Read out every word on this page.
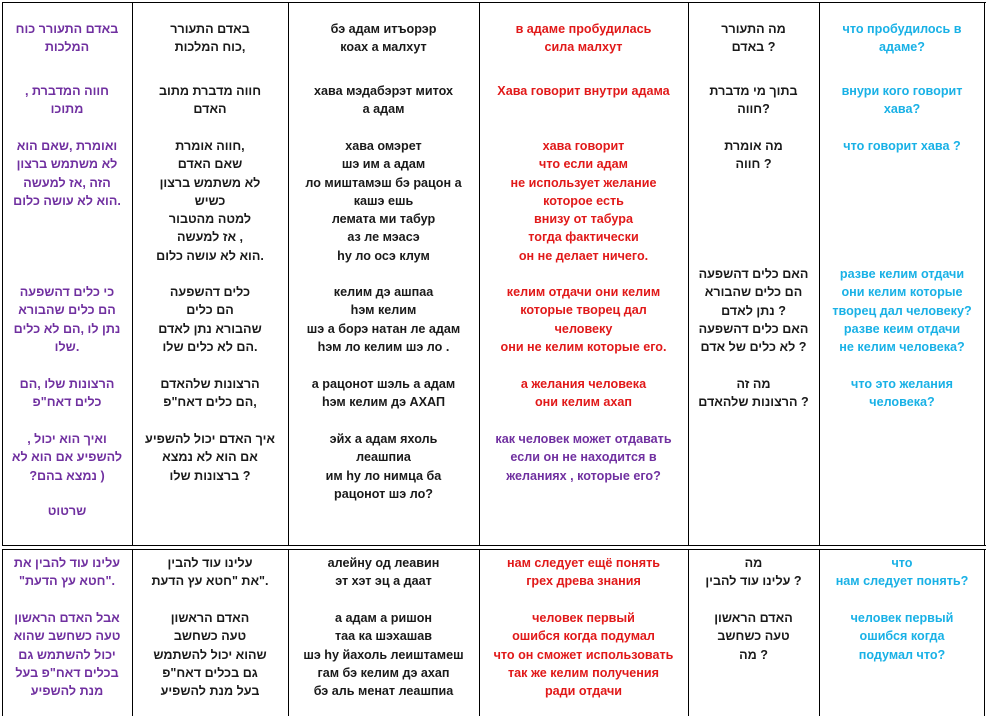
באדם התעורר כוח
המלכות

חווה המדברת ,
מתוכו

ואומרת ,שאם הוא
לא משתמש ברצון
הזה ,אז למעשה
.הוא לא עושה כלום

כי כלים דהשפעה
הם כלים שהבורא
נתן לו ,הם לא כלים
.שלו

הרצונות שלו ,הם
כלים דאח"פ

ואיך הוא יכול ,
להשפיע אם הוא לא
( נמצא בהם?

שרטוט

באדם התעורר
,כוח המלכות

חווה מדברת מתוב
האדם

,חווה אומרת
שאם האדם
לא משתמש ברצון
כשיש
למטה מהטבור
, אז למעשה
.הוא לא עושה כלום

כלים דהשפעה
הם כלים
שהבורא נתן לאדם
.הם לא כלים שלו

הרצונות שלהאדם
,הם כלים דאח"פ

איך האדם יכול להשפיע
אם הוא לא נמצא
? ברצונות שלו

бэ адам итъорэр
коах а малхут

хава мэдабэрэт митох
а адам

хава омэрет
шэ им а адам
ло миштамэш бэ рацон а
кашэ ешь
лемата ми табур
аз ле мэасэ
hу ло осэ клум

келим дэ ашпаа
hэм келим
шэ а борэ натан ле адам
hэм ло келим шэ ло .

а рацонот шэль а адам
hэм келим дэ АХАП

эйх а адам яхоль
леашпиа
им hу ло нимца ба
рацонот шэ ло?

в адаме пробудилась
сила малхут

Хава говорит внутри адама

хава говорит
что если адам
не использует желание
которое есть
внизу от табура
тогда фактически
он не делает ничего.

келим отдачи они келим
которые творец дал
человеку
они не келим которые его.

а желания человека
они келим ахап

как человек может отдавать
если он не находится в
желаниях , которые его?

מה התעורר
? באדם

בתוך מי מדברת
?חווה

מה אומרת
? חווה

האם כלים דהשפעה
הם כלים שהבורא
? נתן לאדם
האם כלים דהשפעה
? לא כלים של אדם

מה זה
? הרצונות שלהאדם

что пробудилось в
адаме?

внури кого говорит
хава?

что говорит хава ?

разве келим отдачи
они келим которые
творец дал человеку?
разве кеим отдачи
не келим человека?

что это желания
человека?

עלינו עוד להבין את
."חטא עץ הדעת"

אבל האדם הראשון
טעה כשחשב שהוא
יכול להשתמש גם
בכלים דאח"פ בעל
מנת להשפיע

עלינו עוד להבין
."את "חטא עץ הדעת

האדם הראשון
טעה כשחשב
שהוא יכול להשתמש
גם בכלים דאח"פ
בעל מנת להשפיע

алейну од леавин
эт хэт эц а даат

а адам а ришон
таа ка шэхашав
шэ hу йахоль леиштамеш
гам бэ келим дэ ахап
бэ аль менат леашпиа

нам следует ещё понять
грех древа знания

человек первый
ошибся когда подумал
что он сможет использовать
так же келим получения
ради отдачи

מה
? עלינו עוד להבין

האדם הראשון
טעה כשחשב
? מה

что
нам следует понять?

человек первый
ошибся когда
подумал что?
